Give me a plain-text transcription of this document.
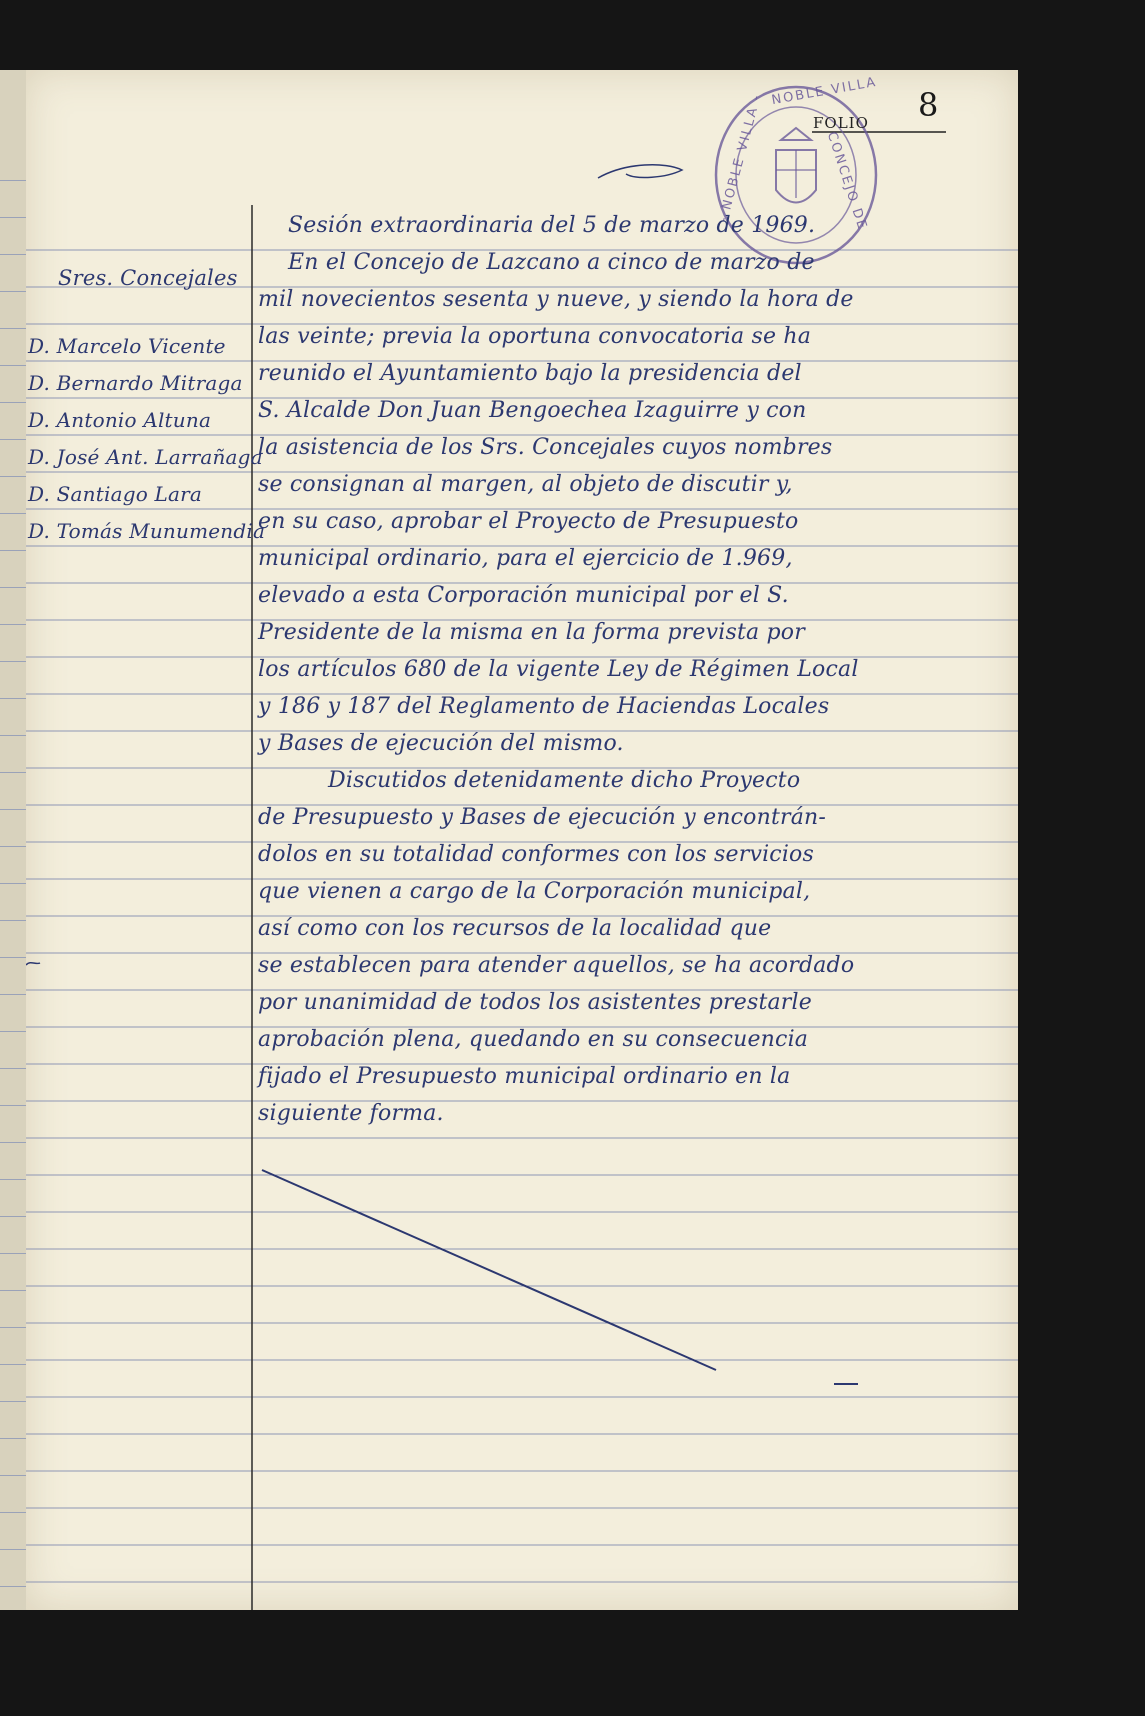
NOBLE VILLA
CONCEJO DE
- NOBLE VILLA -	FOLIO 8
Sres. Concejales
D. Marcelo Vicente
D. Bernardo Mitraga
D. Antonio Altuna
D. José Ant. Larrañaga
D. Santiago Lara
D. Tomás Munumendia
Sesión extraordinaria del 5 de marzo de 1969.
En el Concejo de Lazcano a cinco de marzo de
mil novecientos sesenta y nueve, y siendo la hora de
las veinte; previa la oportuna convocatoria se ha
reunido el Ayuntamiento bajo la presidencia del
S. Alcalde Don Juan Bengoechea Izaguirre y con
la asistencia de los Srs. Concejales cuyos nombres
se consignan al margen, al objeto de discutir y,
en su caso, aprobar el Proyecto de Presupuesto
municipal ordinario, para el ejercicio de 1.969,
elevado a esta Corporación municipal por el S.
Presidente de la misma en la forma prevista por
los artículos 680 de la vigente Ley de Régimen Local
y 186 y 187 del Reglamento de Haciendas Locales
y Bases de ejecución del mismo.
Discutidos detenidamente dicho Proyecto
de Presupuesto y Bases de ejecución y encontrán-
dolos en su totalidad conformes con los servicios
que vienen a cargo de la Corporación municipal,
así como con los recursos de la localidad que
se establecen para atender aquellos, se ha acordado
por unanimidad de todos los asistentes prestarle
aprobación plena, quedando en su consecuencia
fijado el Presupuesto municipal ordinario en la
siguiente forma.
